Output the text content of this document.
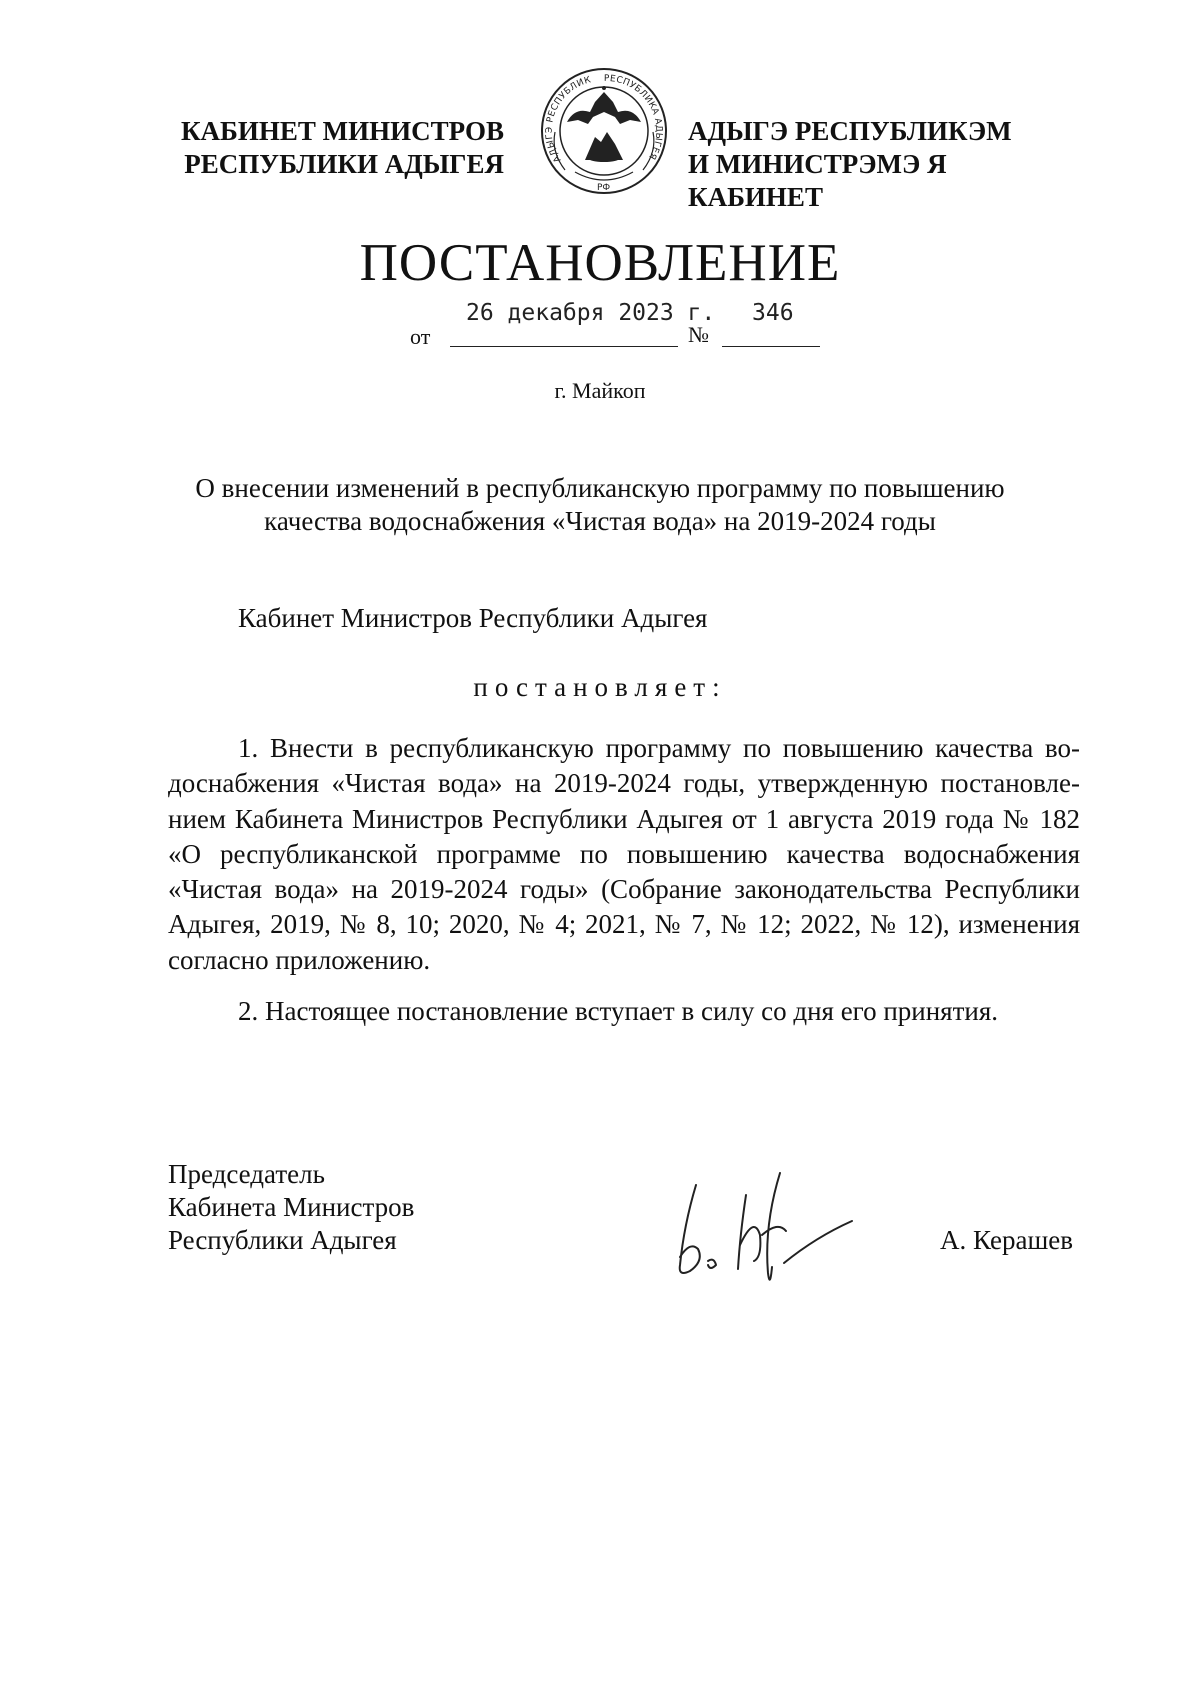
КАБИНЕТ МИНИСТРОВ
РЕСПУБЛИКИ АДЫГЕЯ	АДЫГЭ РЕСПУБЛИК РЕСПУБЛИКА АДЫГЕЯ
РФ
АДЫГЭ РЕСПУБЛИКЭМ
И МИНИСТРЭМЭ Я КАБИНЕТ
ПОСТАНОВЛЕНИЕ
от
26 декабря 2023 г.
№
346
г. Майкоп
О внесении изменений в республиканскую программу по повышению
качества водоснабжения «Чистая вода» на 2019-2024 годы
Кабинет Министров Республики Адыгея
постановляет:
1. Внести в республиканскую программу по повышению качества во-
доснабжения «Чистая вода» на 2019-2024 годы, утвержденную постановле-
нием Кабинета Министров Республики Адыгея от 1 августа 2019 года № 182
«О республиканской программе по повышению качества водоснабжения
«Чистая вода» на 2019-2024 годы» (Собрание законодательства Республики
Адыгея, 2019, № 8, 10; 2020, № 4; 2021, № 7, № 12; 2022, № 12), изменения
согласно приложению.
2. Настоящее постановление вступает в силу со дня его принятия.
Председатель
Кабинета Министров
Республики Адыгея	А. Керашев
